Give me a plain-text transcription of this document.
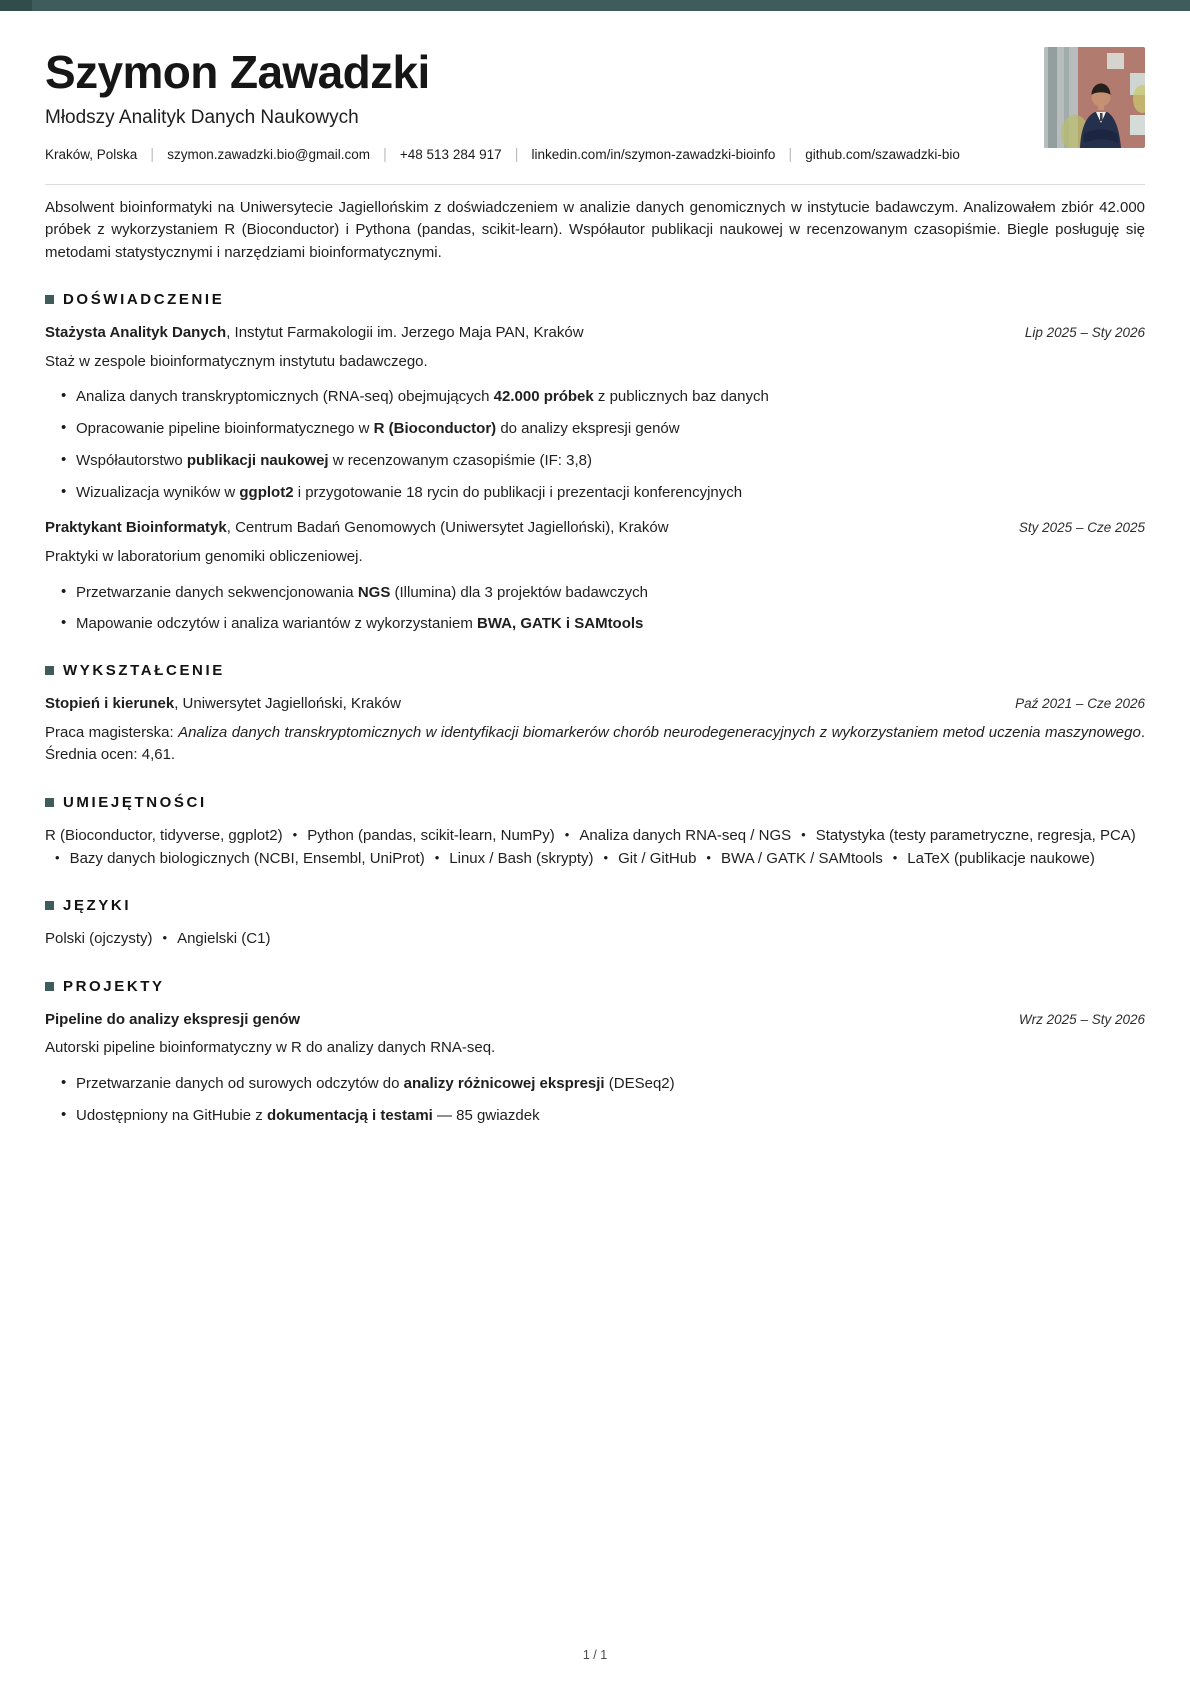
Szymon Zawadzki
Młodszy Analityk Danych Naukowych
Kraków, Polska | szymon.zawadzki.bio@gmail.com | +48 513 284 917 | linkedin.com/in/szymon-zawadzki-bioinfo | github.com/szawadzki-bio

Absolwent bioinformatyki na Uniwersytecie Jagiellońskim z doświadczeniem w analizie danych genomicznych w instytucie badawczym. Analizowałem zbiór 42.000 próbek z wykorzystaniem R (Bioconductor) i Pythona (pandas, scikit-learn). Współautor publikacji naukowej w recenzowanym czasopiśmie. Biegle posługuję się metodami statystycznymi i narzędziami bioinformatycznymi.

DOŚWIADCZENIE
Stażysta Analityk Danych, Instytut Farmakologii im. Jerzego Maja PAN, Kraków	Lip 2025 – Sty 2026
Staż w zespole bioinformatycznym instytutu badawczego.
• Analiza danych transkryptomicznych (RNA-seq) obejmujących 42.000 próbek z publicznych baz danych
• Opracowanie pipeline bioinformatycznego w R (Bioconductor) do analizy ekspresji genów
• Współautorstwo publikacji naukowej w recenzowanym czasopiśmie (IF: 3,8)
• Wizualizacja wyników w ggplot2 i przygotowanie 18 rycin do publikacji i prezentacji konferencyjnych
Praktykant Bioinformatyk, Centrum Badań Genomowych (Uniwersytet Jagielloński), Kraków	Sty 2025 – Cze 2025
Praktyki w laboratorium genomiki obliczeniowej.
• Przetwarzanie danych sekwencjonowania NGS (Illumina) dla 3 projektów badawczych
• Mapowanie odczytów i analiza wariantów z wykorzystaniem BWA, GATK i SAMtools
WYKSZTAŁCENIE
Stopień i kierunek, Uniwersytet Jagielloński, Kraków	Paź 2021 – Cze 2026
Praca magisterska: Analiza danych transkryptomicznych w identyfikacji biomarkerów chorób neurodegeneracyjnych z wykorzystaniem metod uczenia maszynowego. Średnia ocen: 4,61.
UMIEJĘTNOŚCI
R (Bioconductor, tidyverse, ggplot2) • Python (pandas, scikit-learn, NumPy) • Analiza danych RNA-seq / NGS • Statystyka (testy parametryczne, regresja, PCA)• Bazy danych biologicznych (NCBI, Ensembl, UniProt) • Linux / Bash (skrypty) • Git / GitHub • BWA / GATK / SAMtools • LaTeX (publikacje naukowe)
JĘZYKI
Polski (ojczysty) • Angielski (C1)
PROJEKTY
Pipeline do analizy ekspresji genów	Wrz 2025 – Sty 2026
Autorski pipeline bioinformatyczny w R do analizy danych RNA-seq.
• Przetwarzanie danych od surowych odczytów do analizy różnicowej ekspresji (DESeq2)
• Udostępniony na GitHubie z dokumentacją i testami — 85 gwiazdek
1 / 1
